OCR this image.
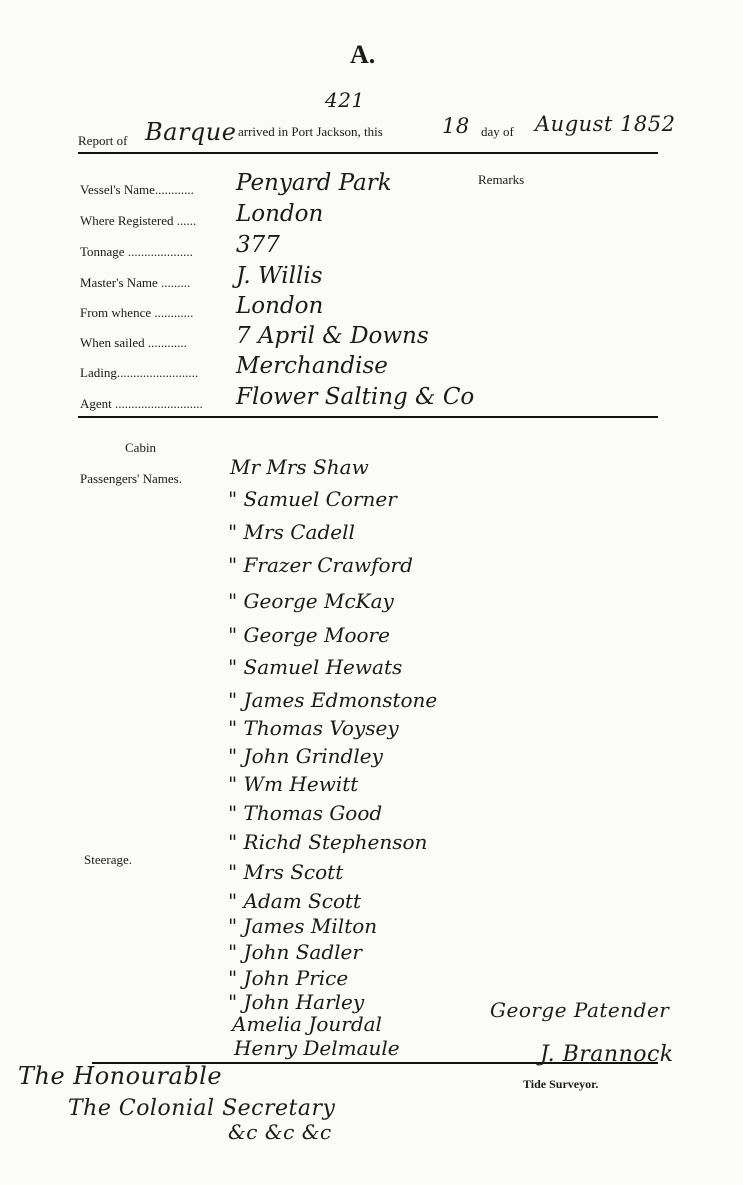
A.
421
Report of Barque arrived in Port Jackson, this	18 day of August 1852
Remarks
Vessel's Name............ Penyard Park
Where Registered ...... London
Tonnage .................... 377
Master's Name ......... J. Willis
From whence ............ London
When sailed ............ 7 April & Downs
Lading......................... Merchandise
Agent ........................... Flower Salting & Co
Cabin
Passengers' Names.
Steerage.
Mr Mrs Shaw
" Samuel Corner
" Mrs Cadell
" Frazer Crawford
" George McKay
" George Moore
" Samuel Hewats
" James Edmonstone
" Thomas Voysey
" John Grindley
" Wm Hewitt
" Thomas Good
" Richd Stephenson
" Mrs Scott
" Adam Scott
" James Milton
" John Sadler
" John Price
" John Harley
Amelia Jourdal
Henry Delmaule
George Patender
The Honourable
The Colonial Secretary
&c &c &c
J. Brannock
Tide Surveyor.
